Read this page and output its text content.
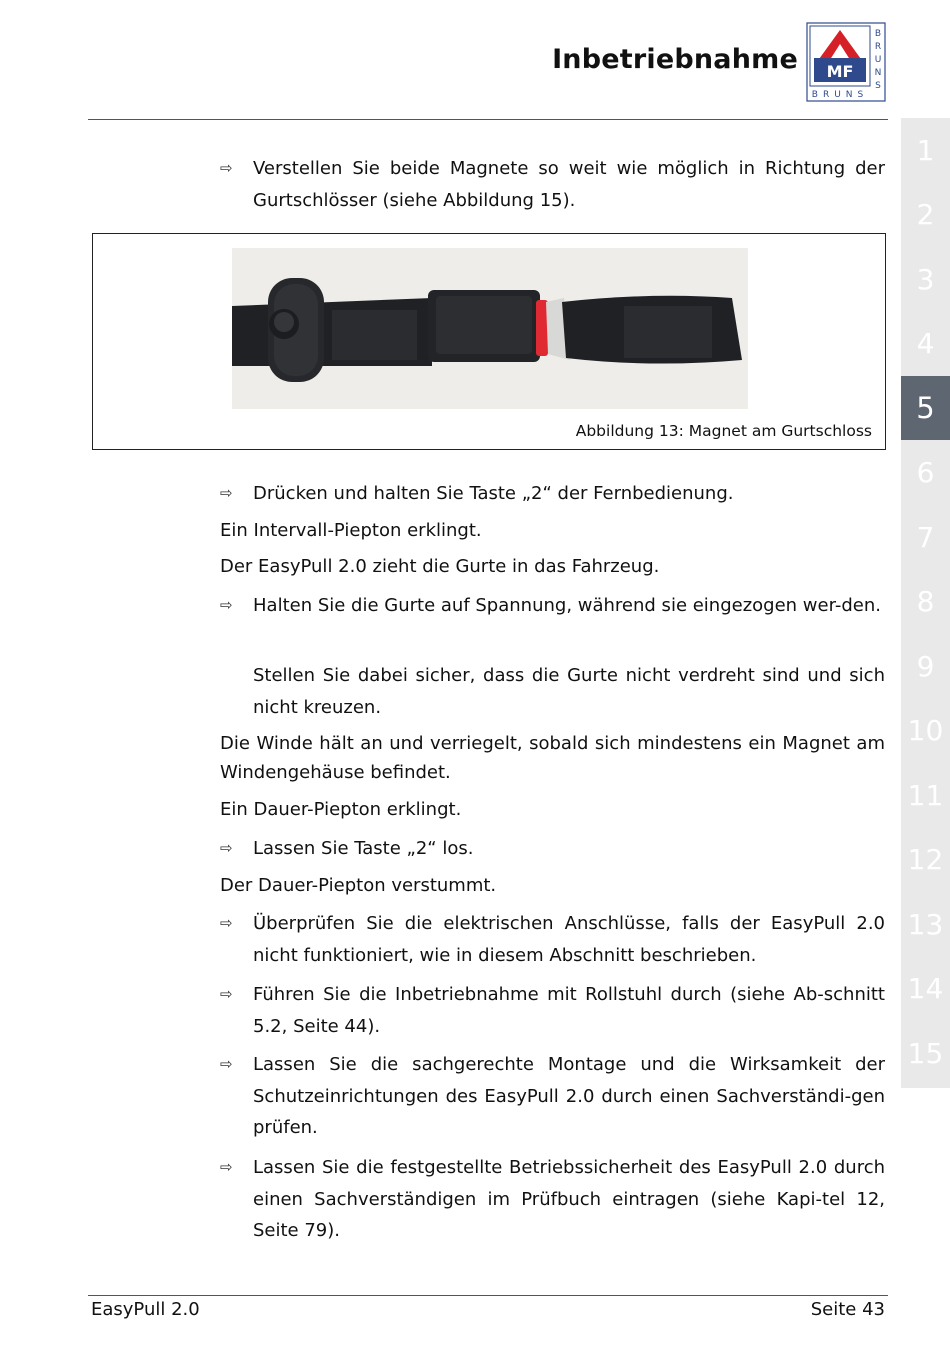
Inbetriebnahme MF
B
R
U
N
S
BRUNS
1
2
3
4
5
6
7
8
9
10
11
12
13
14
15
⇨	Verstellen Sie beide Magnete so weit wie möglich in Richtung der Gurtschlösser (siehe Abbildung 15).
Abbildung 13: Magnet am Gurtschloss
⇨	Drücken und halten Sie Taste „2“ der Fernbedienung.
Ein Intervall-Piepton erklingt.
Der EasyPull 2.0 zieht die Gurte in das Fahrzeug.
⇨	Halten Sie die Gurte auf Spannung, während sie eingezogen wer-den.
Stellen Sie dabei sicher, dass die Gurte nicht verdreht sind und sich nicht kreuzen.
Die Winde hält an und verriegelt, sobald sich mindestens ein Magnet am Windengehäuse befindet.
Ein Dauer-Piepton erklingt.
⇨	Lassen Sie Taste „2“ los.
Der Dauer-Piepton verstummt.
⇨	Überprüfen Sie die elektrischen Anschlüsse, falls der EasyPull 2.0 nicht funktioniert, wie in diesem Abschnitt beschrieben.
⇨	Führen Sie die Inbetriebnahme mit Rollstuhl durch (siehe Ab-schnitt 5.2, Seite 44).
⇨	Lassen Sie die sachgerechte Montage und die Wirksamkeit der Schutzeinrichtungen des EasyPull 2.0 durch einen Sachverständi-gen prüfen.
⇨	Lassen Sie die festgestellte Betriebssicherheit des EasyPull 2.0 durch einen Sachverständigen im Prüfbuch eintragen (siehe Kapi-tel 12, Seite 79).
EasyPull 2.0	Seite 43
